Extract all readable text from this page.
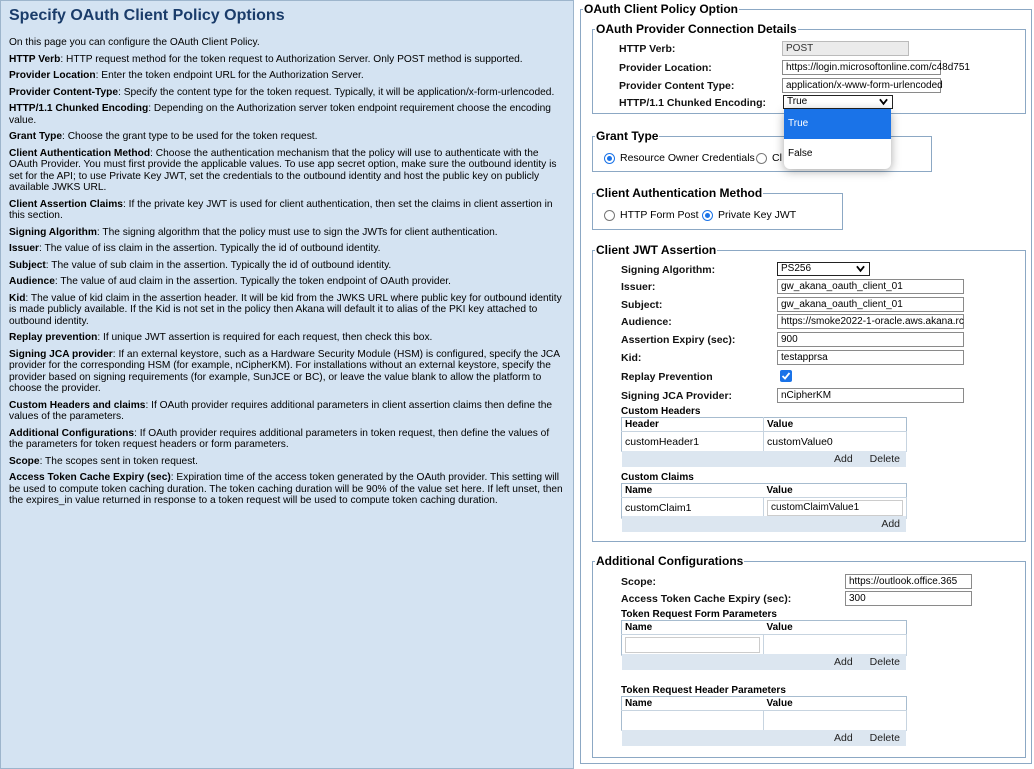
Specify OAuth Client Policy Options

On this page you can configure the OAuth Client Policy.

HTTP Verb: HTTP request method for the token request to Authorization Server. Only POST method is supported.

Provider Location: Enter the token endpoint URL for the Authorization Server.

Provider Content-Type: Specify the content type for the token request. Typically, it will be application/x-form-urlencoded.

HTTP/1.1 Chunked Encoding: Depending on the Authorization server token endpoint requirement choose the encoding value.

Grant Type: Choose the grant type to be used for the token request.

Client Authentication Method: Choose the authentication mechanism that the policy will use to authenticate with the OAuth Provider. You must first provide the applicable values. To use app secret option, make sure the outbound identity is set for the API; to use Private Key JWT, set the credentials to the outbound identity and host the public key on publicly available JWKS URL.

Client Assertion Claims: If the private key JWT is used for client authentication, then set the claims in client assertion in this section.

Signing Algorithm: The signing algorithm that the policy must use to sign the JWTs for client authentication.

Issuer: The value of iss claim in the assertion. Typically the id of outbound identity.

Subject: The value of sub claim in the assertion. Typically the id of outbound identity.

Audience: The value of aud claim in the assertion. Typically the token endpoint of OAuth provider.

Kid: The value of kid claim in the assertion header. It will be kid from the JWKS URL where public key for outbound identity is made publicly available. If the Kid is not set in the policy then Akana will default it to alias of the PKI key attached to outbound identity.

Replay prevention: If unique JWT assertion is required for each request, then check this box.

Signing JCA provider: If an external keystore, such as a Hardware Security Module (HSM) is configured, specify the JCA provider for the corresponding HSM (for example, nCipherKM). For installations without an external keystore, specify the provider based on signing requirements (for example, SunJCE or BC), or leave the value blank to allow the platform to choose the provider.

Custom Headers and claims: If OAuth provider requires additional parameters in client assertion claims then define the values of the parameters.

Additional Configurations: If OAuth provider requires additional parameters in token request, then define the values of the parameters for token request headers or form parameters.

Scope: The scopes sent in token request.

Access Token Cache Expiry (sec): Expiration time of the access token generated by the OAuth provider. This setting will be used to compute token caching duration. The token caching duration will be 90% of the value set here. If left unset, then the expires_in value returned in response to a token request will be used to compute token caching duration.

OAuth Client Policy Option
OAuth Provider Connection Details
HTTP Verb:	POST
Provider Location:	https://login.microsoftonline.com/c48d751
Provider Content Type:	application/x-www-form-urlencoded
HTTP/1.1 Chunked Encoding:	True
Grant Type
Resource Owner Credentials Cl
Client Authentication Method
HTTP Form Post Private Key JWT
Client JWT Assertion
Signing Algorithm:	PS256
Issuer:	gw_akana_oauth_client_01
Subject:	gw_akana_oauth_client_01
Audience:	https://smoke2022-1-oracle.aws.akana.rc
Assertion Expiry (sec):	900
Kid:	testapprsa
Replay Prevention
Signing JCA Provider:	nCipherKM
Custom Headers
Header	Value
customHeader1	customValue0
Add Delete
Custom Claims
Name	Value
customClaim1	customClaimValue1
Add
Additional Configurations
Scope:	https://outlook.office.365
Access Token Cache Expiry (sec):	300
Token Request Form Parameters
Name	Value

Add Delete
Token Request Header Parameters
Name	Value

Add Delete
True
False
